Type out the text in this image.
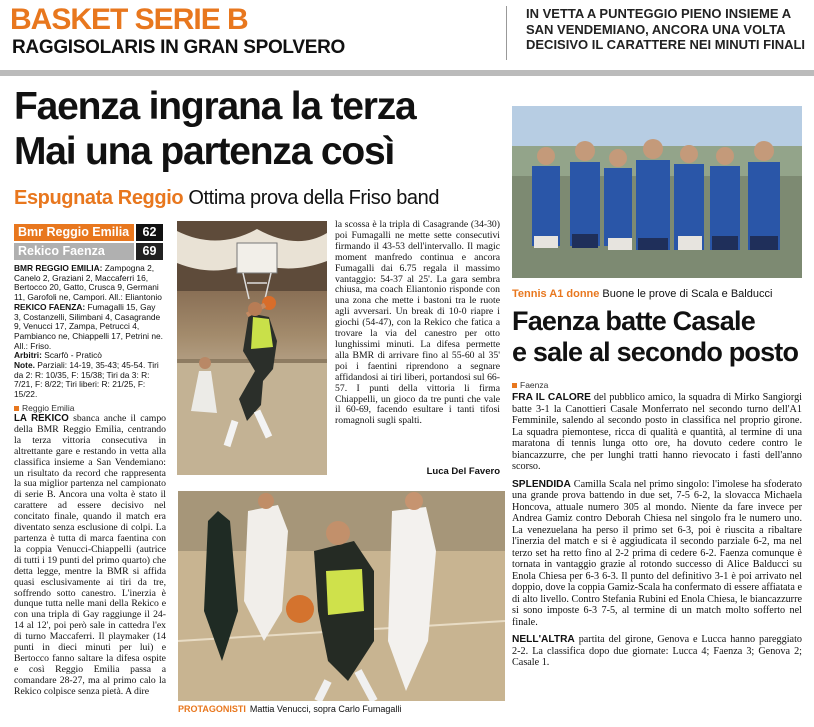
BASKET SERIE B
RAGGISOLARIS IN GRAN SPOLVERO
IN VETTA A PUNTEGGIO PIENO INSIEME A SAN VENDEMIANO, ANCORA UNA VOLTA DECISIVO IL CARATTERE NEI MINUTI FINALI
Faenza ingrana la terza
Mai una partenza così
Espugnata Reggio Ottima prova della Friso band
Bmr Reggio Emilia	62
Rekico Faenza	69

BMR REGGIO EMILIA: Zampogna 2, Canelo 2, Graziani 2, Maccaferri 16, Bertocco 20, Gatto, Crusca 9, Germani 11, Garofoli ne, Campori. All.: Eliantonio

REKICO FAENZA: Fumagalli 15, Gay 3, Costanzelli, Silimbani 4, Casagrande 9, Venucci 17, Zampa, Petrucci 4, Pambianco ne, Chiappelli 17, Petrini ne. All.: Friso.

Arbitri: Scarfò - Praticò

Note. Parziali: 14-19, 35-43; 45-54. Tiri da 2: R: 10/35, F: 15/38; Tiri da 3: R: 7/21, F: 8/22; Tiri liberi: R: 21/25, F: 15/22.

Reggio Emilia
LA REKICO sbanca anche il campo della BMR Reggio Emilia, centrando la terza vittoria consecutiva in altrettante gare e restando in vetta alla classifica insieme a San Vendemiano: un risultato da record che rappresenta la sua miglior partenza nel campionato di serie B. Ancora una volta è stato il carattere ad essere decisivo nel concitato finale, quando il match era diventato senza esclusione di colpi. La partenza è tutta di marca faentina con la coppia Venucci-Chiappelli (autrice di tutti i 19 punti del primo quarto) che detta legge, mentre la BMR si affida quasi esclusivamente ai tiri da tre, soffrendo sotto canestro. L'inerzia è dunque tutta nelle mani della Rekico e con una tripla di Gay raggiunge il 24-14 al 12', poi però sale in cattedra l'ex di turno Maccaferri. Il playmaker (14 punti in dieci minuti per lui) e Bertocco fanno saltare la difesa ospite e così Reggio Emilia passa a comandare 28-27, ma al primo calo la Rekico colpisce senza pietà. A dire
la scossa è la tripla di Casagrande (34-30) poi Fumagalli ne mette sette consecutivi firmando il 43-53 dell'intervallo. Il magic moment manfredo continua e ancora Fumagalli dai 6.75 regala il massimo vantaggio: 54-37 al 25'. La gara sembra chiusa, ma coach Eliantonio risponde con una zona che mette i bastoni tra le ruote agli avversari. Un break di 10-0 riapre i giochi (54-47), con la Rekico che fatica a trovare la via del canestro per otto lunghissimi minuti. La difesa permette alla BMR di arrivare fino al 55-60 al 35' poi i faentini riprendono a segnare affidandosi ai tiri liberi, portandosi sul 66-57. I punti della vittoria li firma Chiappelli, un gioco da tre punti che vale il 60-69, facendo esultare i tanti tifosi romagnoli sugli spalti.
Luca Del Favero
PROTAGONISTI Mattia Venucci, sopra Carlo Fumagalli
Tennis A1 donne Buone le prove di Scala e Balducci
Faenza batte Casale
e sale al secondo posto
Faenza

FRA IL CALORE del pubblico amico, la squadra di Mirko Sangiorgi batte 3-1 la Canottieri Casale Monferrato nel secondo turno dell'A1 Femminile, salendo al secondo posto in classifica nel proprio girone. La squadra piemontese, ricca di qualità e quantità, al termine di una maratona di tennis lunga otto ore, ha dovuto cedere contro le biancazzurre, che per lunghi tratti hanno rievocato i fasti dell'anno scorso.

SPLENDIDA Camilla Scala nel primo singolo: l'imolese ha sfoderato una grande prova battendo in due set, 7-5 6-2, la slovacca Michaela Honcova, attuale numero 305 al mondo. Niente da fare invece per Andrea Gamiz contro Deborah Chiesa nel singolo fra le numero uno. La venezuelana ha perso il primo set 6-3, poi è riuscita a ribaltare l'inerzia del match e si è aggiudicata il secondo parziale 6-2, ma nel terzo set ha retto fino al 2-2 prima di cedere 6-2. Faenza comunque è tornata in vantaggio grazie al rotondo successo di Alice Balducci su Enola Chiesa per 6-3 6-3. Il punto del definitivo 3-1 è poi arrivato nel doppio, dove la coppia Gamiz-Scala ha confermato di essere affiatata e di alto livello. Contro Stefania Rubini ed Enola Chiesa, le biancazzurre si sono imposte 6-3 7-5, al termine di un match molto sofferto nel finale.

NELL'ALTRA partita del girone, Genova e Lucca hanno pareggiato 2-2. La classifica dopo due giornate: Lucca 4; Faenza 3; Genova 2; Casale 1.
